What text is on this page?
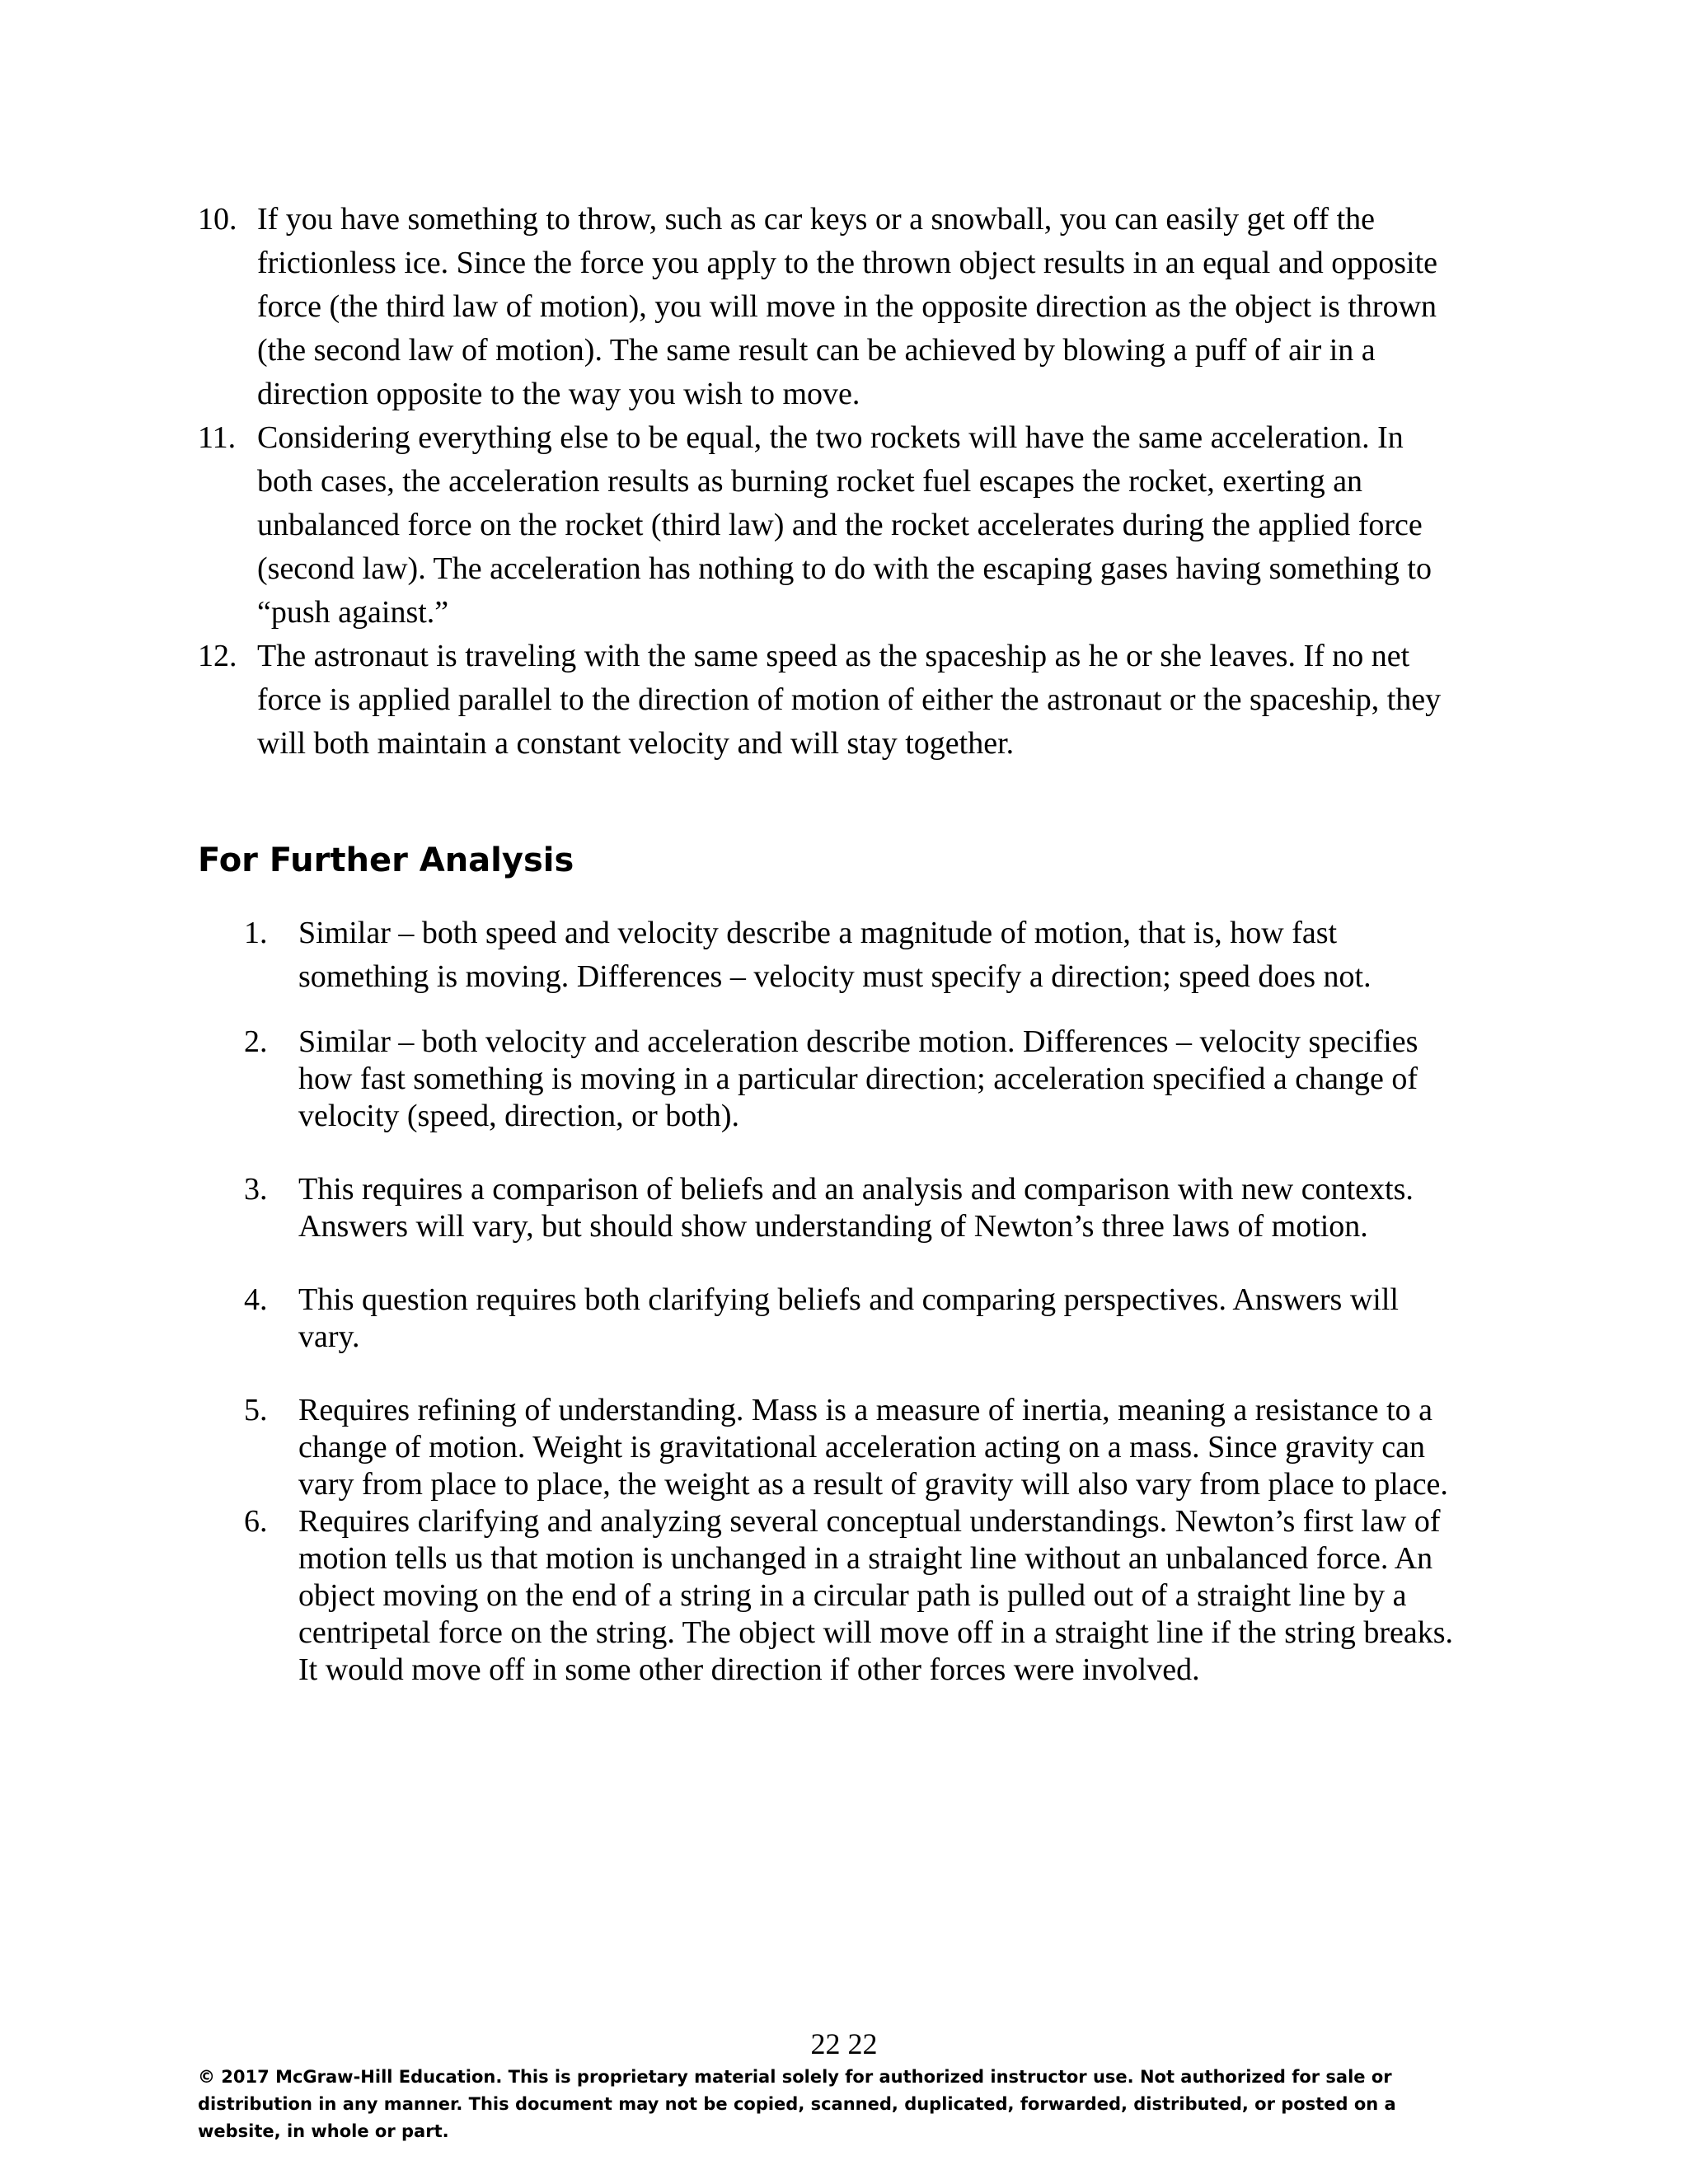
10. If you have something to throw, such as car keys or a snowball, you can easily get off the frictionless ice. Since the force you apply to the thrown object results in an equal and opposite force (the third law of motion), you will move in the opposite direction as the object is thrown (the second law of motion). The same result can be achieved by blowing a puff of air in a direction opposite to the way you wish to move.
11. Considering everything else to be equal, the two rockets will have the same acceleration. In both cases, the acceleration results as burning rocket fuel escapes the rocket, exerting an unbalanced force on the rocket (third law) and the rocket accelerates during the applied force (second law). The acceleration has nothing to do with the escaping gases having something to “push against.”
12. The astronaut is traveling with the same speed as the spaceship as he or she leaves. If no net force is applied parallel to the direction of motion of either the astronaut or the spaceship, they will both maintain a constant velocity and will stay together.
For Further Analysis
1. Similar – both speed and velocity describe a magnitude of motion, that is, how fast something is moving. Differences – velocity must specify a direction; speed does not.
2. Similar – both velocity and acceleration describe motion. Differences – velocity specifies how fast something is moving in a particular direction; acceleration specified a change of velocity (speed, direction, or both).
3. This requires a comparison of beliefs and an analysis and comparison with new contexts. Answers will vary, but should show understanding of Newton’s three laws of motion.
4. This question requires both clarifying beliefs and comparing perspectives. Answers will vary.
5. Requires refining of understanding. Mass is a measure of inertia, meaning a resistance to a change of motion. Weight is gravitational acceleration acting on a mass. Since gravity can vary from place to place, the weight as a result of gravity will also vary from place to place.
6. Requires clarifying and analyzing several conceptual understandings. Newton’s first law of motion tells us that motion is unchanged in a straight line without an unbalanced force. An object moving on the end of a string in a circular path is pulled out of a straight line by a centripetal force on the string. The object will move off in a straight line if the string breaks. It would move off in some other direction if other forces were involved.
22 22
© 2017 McGraw-Hill Education. This is proprietary material solely for authorized instructor use. Not authorized for sale or distribution in any manner. This document may not be copied, scanned, duplicated, forwarded, distributed, or posted on a website, in whole or part.
